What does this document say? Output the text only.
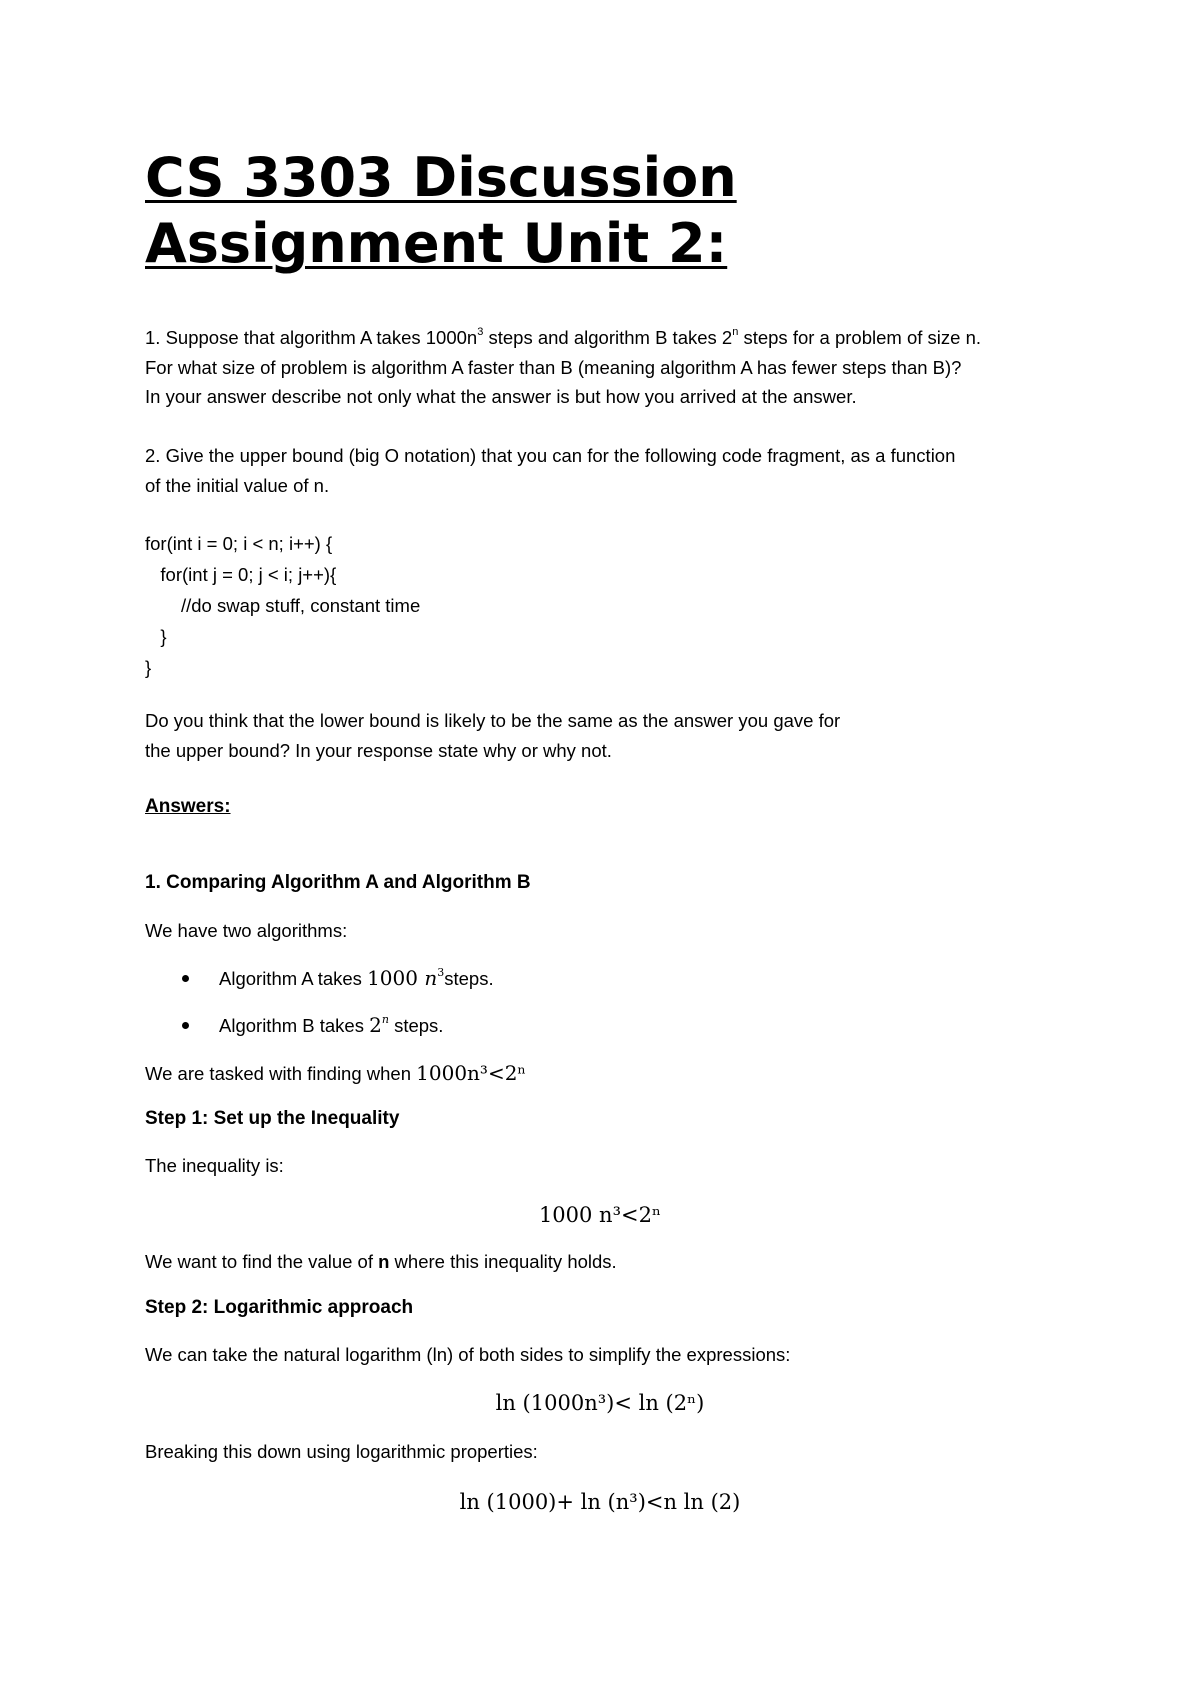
CS 3303 Discussion
Assignment Unit 2:

1. Suppose that algorithm A takes $1000n^3$ steps and algorithm B takes 2$^n$ steps for a problem of size n.

For what size of problem is algorithm A faster than B (meaning algorithm A has fewer steps than B)?

In your answer describe not only what the answer is but how you arrived at the answer.

2. Give the upper bound (big O notation) that you can for the following code fragment, as a function

of the initial value of n.

for(int i = 0; i < n; i++) {
for(int j = 0; j < i; j++){
//do swap stuff, constant time
}
}

Do you think that the lower bound is likely to be the same as the answer you gave for

the upper bound? In your response state why or why not.

Answers:
1. Comparing Algorithm A and Algorithm B
We have two algorithms:
Algorithm A takes 1000 $n^3steps$.
Algorithm B takes 2$^n$ steps.
We are tasked with finding when 1000n³<2ⁿ
Step 1: Set up the Inequality
The inequality is:
1000 n³<2ⁿ
We want to find the value of n where this inequality holds.
Step 2: Logarithmic approach
We can take the natural logarithm (ln) of both sides to simplify the expressions:
ln (1000n³)< ln (2ⁿ)
Breaking this down using logarithmic properties:
ln (1000)+ ln (n³)<n ln (2)
